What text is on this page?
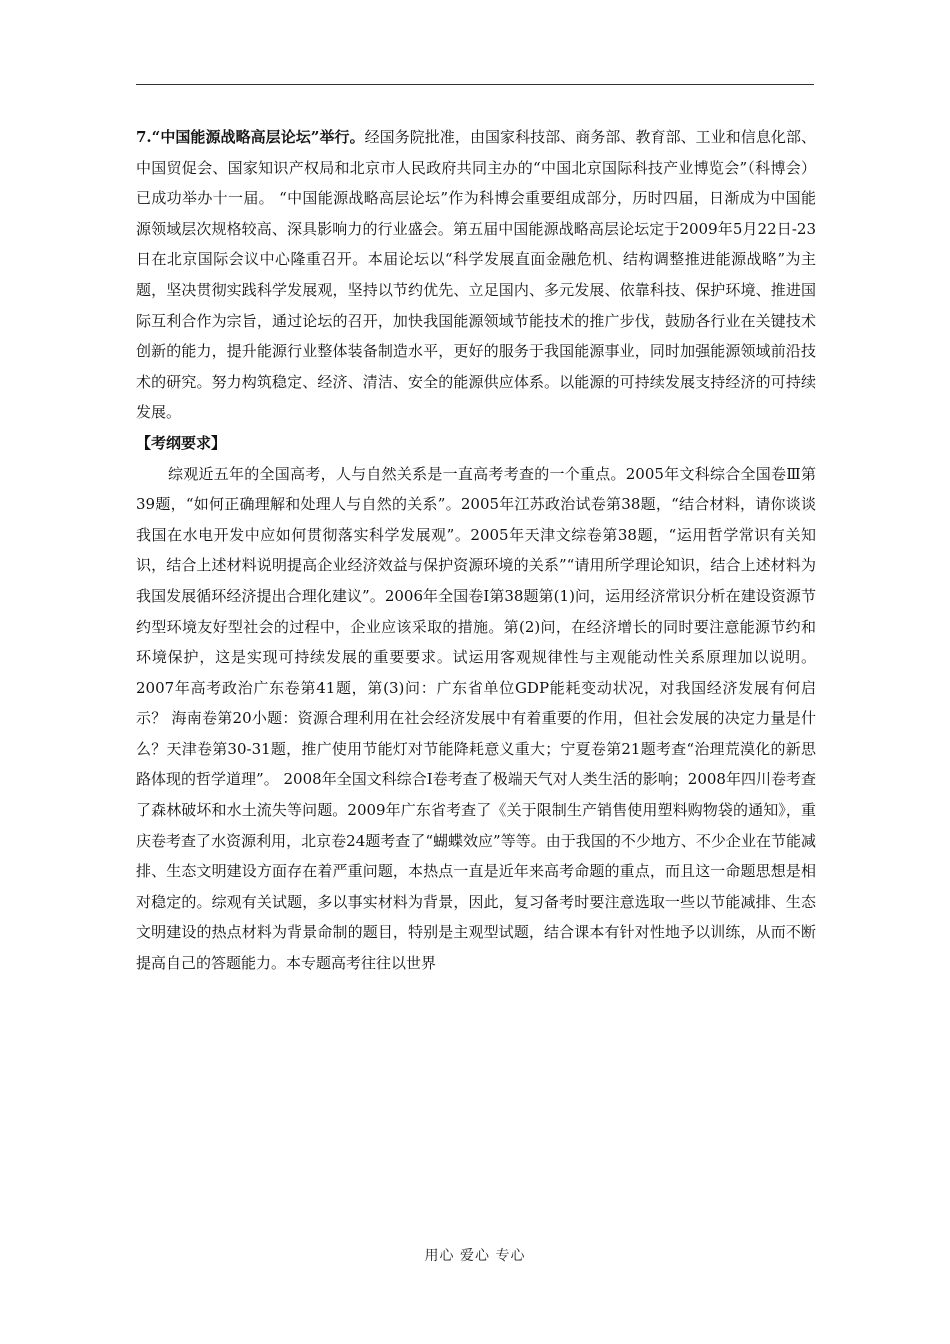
7.“中国能源战略高层论坛”举行。经国务院批准，由国家科技部、商务部、教育部、工业和信息化部、中国贸促会、国家知识产权局和北京市人民政府共同主办的“中国北京国际科技产业博览会”（科博会）已成功举办十一届。 “中国能源战略高层论坛”作为科博会重要组成部分，历时四届，日渐成为中国能源领域层次规格较高、深具影响力的行业盛会。第五届中国能源战略高层论坛定于2009年5月22日-23日在北京国际会议中心隆重召开。本届论坛以“科学发展直面金融危机、结构调整推进能源战略”为主题，坚决贯彻实践科学发展观，坚持以节约优先、立足国内、多元发展、依靠科技、保护环境、推进国际互利合作为宗旨，通过论坛的召开，加快我国能源领域节能技术的推广步伐，鼓励各行业在关键技术创新的能力，提升能源行业整体装备制造水平，更好的服务于我国能源事业，同时加强能源领域前沿技术的研究。努力构筑稳定、经济、清洁、安全的能源供应体系。以能源的可持续发展支持经济的可持续发展。

【考纲要求】

综观近五年的全国高考，人与自然关系是一直高考考查的一个重点。2005年文科综合全国卷Ⅲ第39题，“如何正确理解和处理人与自然的关系”。2005年江苏政治试卷第38题，“结合材料，请你谈谈我国在水电开发中应如何贯彻落实科学发展观”。2005年天津文综卷第38题，“运用哲学常识有关知识，结合上述材料说明提高企业经济效益与保护资源环境的关系”“请用所学理论知识，结合上述材料为我国发展循环经济提出合理化建议”。2006年全国卷Ⅰ第38题第(1)问，运用经济常识分析在建设资源节约型环境友好型社会的过程中，企业应该采取的措施。第(2)问，在经济增长的同时要注意能源节约和环境保护，这是实现可持续发展的重要要求。试运用客观规律性与主观能动性关系原理加以说明。2007年高考政治广东卷第41题，第(3)问：广东省单位GDP能耗变动状况，对我国经济发展有何启示？ 海南卷第20小题：资源合理利用在社会经济发展中有着重要的作用，但社会发展的决定力量是什么？天津卷第30-31题，推广使用节能灯对节能降耗意义重大；宁夏卷第21题考查“治理荒漠化的新思路体现的哲学道理”。 2008年全国文科综合Ⅰ卷考查了极端天气对人类生活的影响；2008年四川卷考查了森林破坏和水土流失等问题。2009年广东省考查了《关于限制生产销售使用塑料购物袋的通知》，重庆卷考查了水资源利用，北京卷24题考查了“蝴蝶效应”等等。由于我国的不少地方、不少企业在节能减排、生态文明建设方面存在着严重问题，本热点一直是近年来高考命题的重点，而且这一命题思想是相对稳定的。综观有关试题，多以事实材料为背景，因此，复习备考时要注意选取一些以节能减排、生态文明建设的热点材料为背景命制的题目，特别是主观型试题，结合课本有针对性地予以训练，从而不断提高自己的答题能力。本专题高考往往以世界

用心 爱心 专心
